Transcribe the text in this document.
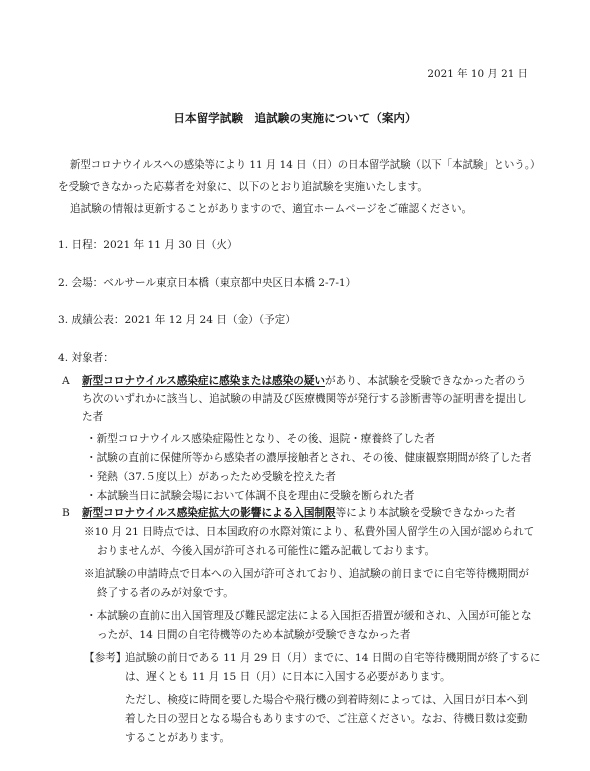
2021 年 10 月 21 日
日本留学試験　追試験の実施について（案内）
新型コロナウイルスへの感染等により 11 月 14 日（日）の日本留学試験（以下「本試験」という。）
を受験できなかった応募者を対象に、以下のとおり追試験を実施いたします。
追試験の情報は更新することがありますので、適宜ホームページをご確認ください。
1. 日程：2021 年 11 月 30 日（火）
2. 会場：ベルサール東京日本橋（東京都中央区日本橋 2-7-1）
3. 成績公表：2021 年 12 月 24 日（金）（予定）
4. 対象者：
A 新型コロナウイルス感染症に感染または感染の疑いがあり、本試験を受験できなかった者のう
ち次のいずれかに該当し、追試験の申請及び医療機関等が発行する診断書等の証明書を提出し
た者
・新型コロナウイルス感染症陽性となり、その後、退院・療養終了した者
・試験の直前に保健所等から感染者の濃厚接触者とされ、その後、健康観察期間が終了した者
・発熱（37.５度以上）があったため受験を控えた者
・本試験当日に試験会場において体調不良を理由に受験を断られた者
B 新型コロナウイルス感染症拡大の影響による入国制限等により本試験を受験できなかった者
※10 月 21 日時点では、日本国政府の水際対策により、私費外国人留学生の入国が認められて
おりませんが、今後入国が許可される可能性に鑑み記載しております。
※追試験の申請時点で日本への入国が許可されており、追試験の前日までに自宅等待機期間が
終了する者のみが対象です。
・本試験の直前に出入国管理及び難民認定法による入国拒否措置が緩和され、入国が可能とな
ったが、14 日間の自宅待機等のため本試験が受験できなかった者
【参考】
追試験の前日である 11 月 29 日（月）までに、14 日間の自宅等待機期間が終了するに
は、遅くとも 11 月 15 日（月）に日本に入国する必要があります。
ただし、検疫に時間を要した場合や飛行機の到着時刻によっては、入国日が日本へ到
着した日の翌日となる場合もありますので、ご注意ください。なお、待機日数は変動
することがあります。
